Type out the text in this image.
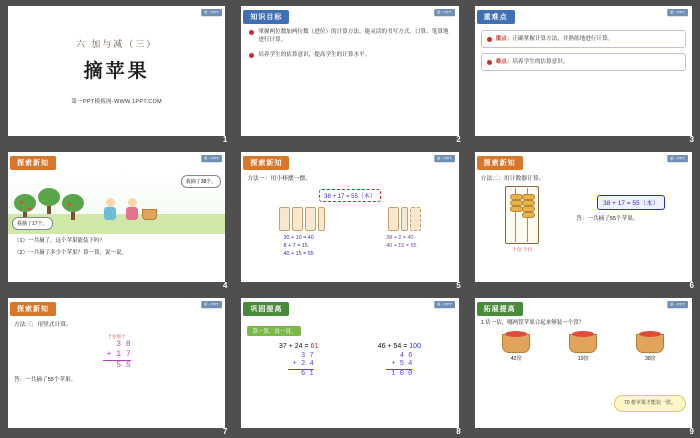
第一PPT
六 加与减（三）
摘苹果
第一PPT模板网-WWW.1PPT.COM
1
第一PPT
知识目标
掌握两位数加两位数（进位）的计算方法。能灵活的书写方式、口算、笔算地进行计算。
培养学生的估算意识，提高学生的计算水平。
2
第一PPT
重难点
重点：正确掌握计算方法，并熟练地进行计算。
难点：培养学生的估算意识。
3
第一PPT
探索新知
我摘了38个。
我摘了17个。
（1）一共摘了，这个苹果能装下吗？
（2）一共摘了多少个苹果？算一算，说一说。
4
第一PPT
探索新知
方法一：用小棒摆一摆。
38 + 17 = 55（本）
30 + 10 = 40
8 + 7 = 15
40 + 15 = 55
38 + 2 = 40
40 + 15 = 55
5
第一PPT
探索新知
方法二：用计数器计算。
十位 个位
38 + 17 = 55（本）
答：一共摘了55个苹果。
6
第一PPT
探索新知
方法三：用竖式计算。
个位进十
3 8
+ 1 7
5 5
答：一共摘了55个苹果。
7
第一PPT
巩固提高
算一算，说一说。
37 + 24 = 61	46 + 54 = 100
3 7
+ 2 4
6 1
4 6
+ 5 4
1 0 0
8
第一PPT
拓展提高
1.估一估，哪两筐苹果合起来够装一个筐？
42筐	19筐	38筐
70 框苹果才能装一筐。
9
